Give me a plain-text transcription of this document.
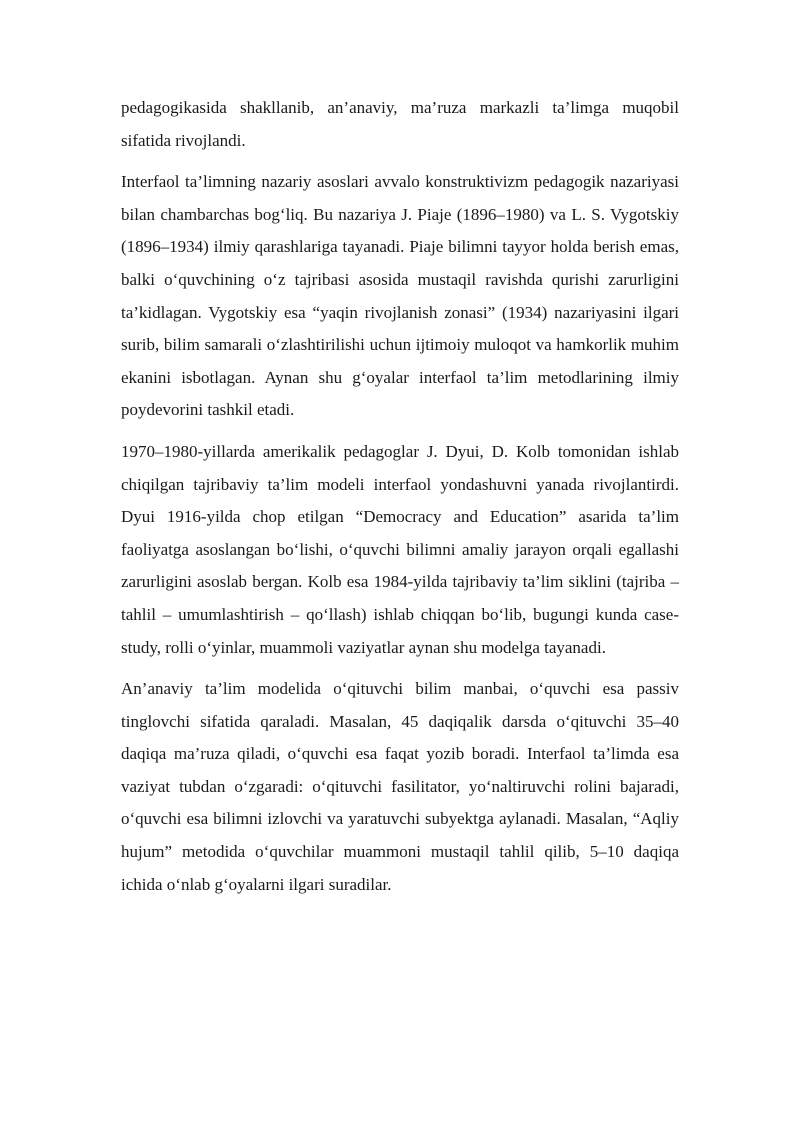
pedagogikasida shakllanib, an’anaviy, ma’ruza markazli ta’limga muqobil sifatida rivojlandi.

Interfaol ta’limning nazariy asoslari avvalo konstruktivizm pedagogik nazariyasi bilan chambarchas bog‘liq. Bu nazariya J. Piaje (1896–1980) va L. S. Vygotskiy (1896–1934) ilmiy qarashlariga tayanadi. Piaje bilimni tayyor holda berish emas, balki o‘quvchining o‘z tajribasi asosida mustaqil ravishda qurishi zarurligini ta’kidlagan. Vygotskiy esa “yaqin rivojlanish zonasi” (1934) nazariyasini ilgari surib, bilim samarali o‘zlashtirilishi uchun ijtimoiy muloqot va hamkorlik muhim ekanini isbotlagan. Aynan shu g‘oyalar interfaol ta’lim metodlarining ilmiy poydevorini tashkil etadi.

1970–1980-yillarda amerikalik pedagoglar J. Dyui, D. Kolb tomonidan ishlab chiqilgan tajribaviy ta’lim modeli interfaol yondashuvni yanada rivojlantirdi. Dyui 1916-yilda chop etilgan “Democracy and Education” asarida ta’lim faoliyatga asoslangan bo‘lishi, o‘quvchi bilimni amaliy jarayon orqali egallashi zarurligini asoslab bergan. Kolb esa 1984-yilda tajribaviy ta’lim siklini (tajriba – tahlil – umumlashtirish – qo‘llash) ishlab chiqqan bo‘lib, bugungi kunda case-study, rolli o‘yinlar, muammoli vaziyatlar aynan shu modelga tayanadi.

An’anaviy ta’lim modelida o‘qituvchi bilim manbai, o‘quvchi esa passiv tinglovchi sifatida qaraladi. Masalan, 45 daqiqalik darsda o‘qituvchi 35–40 daqiqa ma’ruza qiladi, o‘quvchi esa faqat yozib boradi. Interfaol ta’limda esa vaziyat tubdan o‘zgaradi: o‘qituvchi fasilitator, yo‘naltiruvchi rolini bajaradi, o‘quvchi esa bilimni izlovchi va yaratuvchi subyektga aylanadi. Masalan, “Aqliy hujum” metodida o‘quvchilar muammoni mustaqil tahlil qilib, 5–10 daqiqa ichida o‘nlab g‘oyalarni ilgari suradilar.
